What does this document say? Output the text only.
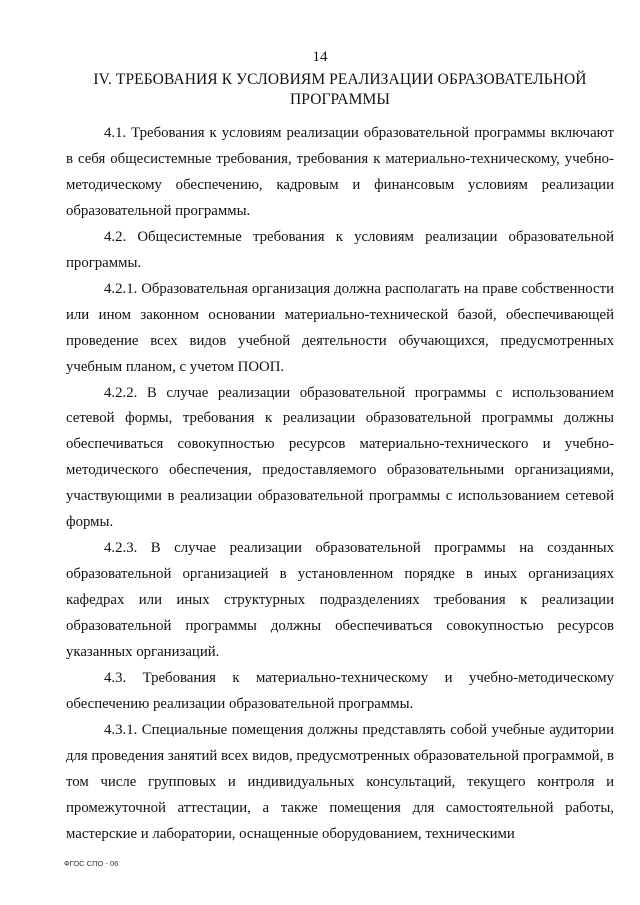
14
IV. ТРЕБОВАНИЯ К УСЛОВИЯМ РЕАЛИЗАЦИИ ОБРАЗОВАТЕЛЬНОЙ ПРОГРАММЫ

4.1. Требования к условиям реализации образовательной программы включают в себя общесистемные требования, требования к материально-техническому, учебно-методическому обеспечению, кадровым и финансовым условиям реализации образовательной программы.

4.2. Общесистемные требования к условиям реализации образовательной программы.

4.2.1. Образовательная организация должна располагать на праве собственности или ином законном основании материально-технической базой, обеспечивающей проведение всех видов учебной деятельности обучающихся, предусмотренных учебным планом, с учетом ПООП.

4.2.2. В случае реализации образовательной программы с использованием сетевой формы, требования к реализации образовательной программы должны обеспечиваться совокупностью ресурсов материально-технического и учебно-методического обеспечения, предоставляемого образовательными организациями, участвующими в реализации образовательной программы с использованием сетевой формы.

4.2.3. В случае реализации образовательной программы на созданных образовательной организацией в установленном порядке в иных организациях кафедрах или иных структурных подразделениях требования к реализации образовательной программы должны обеспечиваться совокупностью ресурсов указанных организаций.

4.3. Требования к материально-техническому и учебно-методическому обеспечению реализации образовательной программы.

4.3.1. Специальные помещения должны представлять собой учебные аудитории для проведения занятий всех видов, предусмотренных образовательной программой, в том числе групповых и индивидуальных консультаций, текущего контроля и промежуточной аттестации, а также помещения для самостоятельной работы, мастерские и лаборатории, оснащенные оборудованием, техническими

ФГОС СПО - 06
